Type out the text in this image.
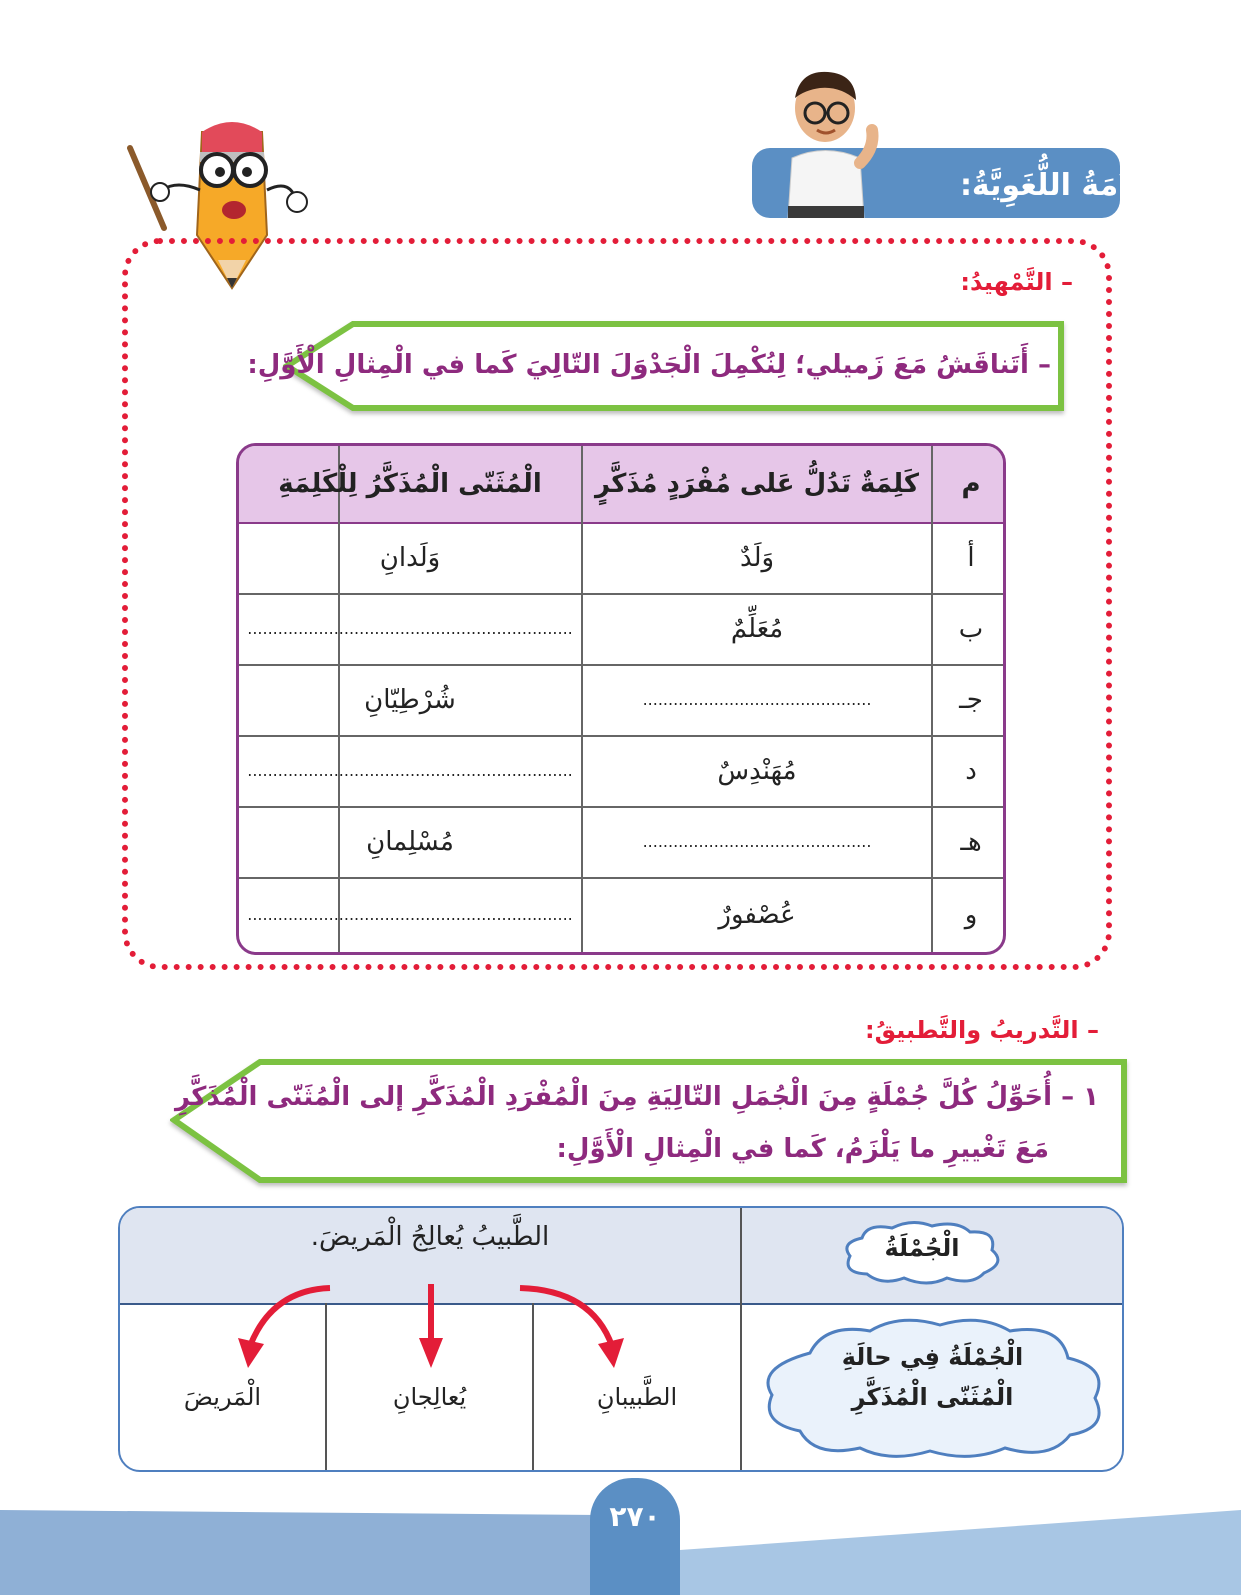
السَّلامَةُ اللُّغَوِيَّةُ:
– التَّمْهيدُ:
– أَتَناقَشُ مَعَ زَميلي؛ لِنُكْمِلَ الْجَدْوَلَ التّالِيَ كَما في الْمِثالِ الْأَوَّلِ:
م
كَلِمَةٌ تَدُلُّ عَلى مُفْرَدٍ مُذَكَّرٍ
الْمُثَنّى الْمُذَكَّرُ لِلْكَلِمَةِ
أ
وَلَدٌ
وَلَدانِ
ب
مُعَلِّمٌ
................................................................
جـ
.............................................
شُرْطِيّانِ
د
مُهَنْدِسٌ
................................................................
هـ
.............................................
مُسْلِمانِ
و
عُصْفورٌ
................................................................
– التَّدريبُ والتَّطبيقُ:
١ – أُحَوِّلُ كُلَّ جُمْلَةٍ مِنَ الْجُمَلِ التّالِيَةِ مِنَ الْمُفْرَدِ الْمُذَكَّرِ إلى الْمُثَنّى الْمُذَكَّرِ
مَعَ تَغْييرِ ما يَلْزَمُ، كَما في الْمِثالِ الْأَوَّلِ:
الْجُمْلَةُ
الطَّبيبُ يُعالِجُ الْمَريضَ.
الْجُمْلَةُ فِي حالَةِ
الْمُثَنّى الْمُذَكَّرِ
الطَّبيبانِ
يُعالِجانِ
الْمَريضَ
٢٧٠
